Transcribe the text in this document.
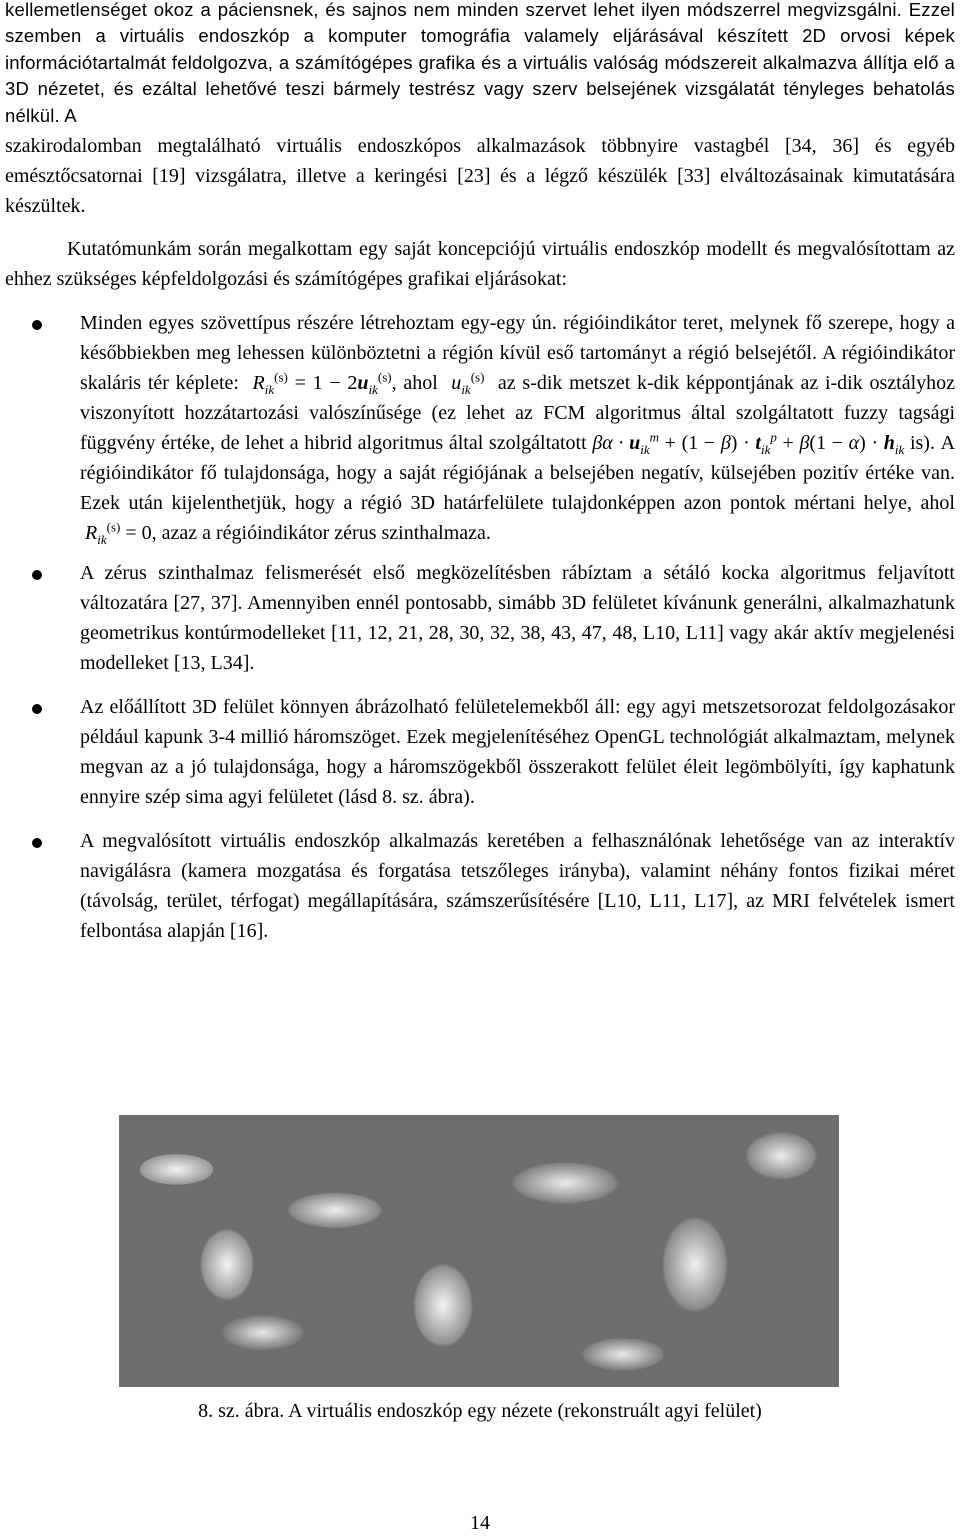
kellemetlenséget okoz a páciensnek, és sajnos nem minden szervet lehet ilyen módszerrel megvizsgálni. Ezzel szemben a virtuális endoszkóp a komputer tomográfia valamely eljárásával készített 2D orvosi képek információtartalmát feldolgozva, a számítógépes grafika és a virtuális valóság módszereit alkalmazva állítja elő a 3D nézetet, és ezáltal lehetővé teszi bármely testrész vagy szerv belsejének vizsgálatát tényleges behatolás nélkül. A

szakirodalomban megtalálható virtuális endoszkópos alkalmazások többnyire vastagbél [34, 36] és egyéb emésztőcsatornai [19] vizsgálatra, illetve a keringési [23] és a légző készülék [33] elváltozásainak kimutatására készültek.

Kutatómunkám során megalkottam egy saját koncepciójú virtuális endoszkóp modellt és megvalósítottam az ehhez szükséges képfeldolgozási és számítógépes grafikai eljárásokat:

Minden egyes szövettípus részére létrehoztam egy-egy ún. régióindikátor teret, melynek fő szerepe, hogy a későbbiekben meg lehessen különböztetni a régión kívül eső tartományt a régió belsejétől. A régióindikátor skaláris tér képlete:  $R_{ik}^{(s)} = 1 - 2u_{ik}^{(s)}$, ahol  $u_{ik}^{(s)}$ az s-dik metszet k-dik képpontjának az i-dik osztályhoz viszonyított hozzátartozási valószínűsége (ez lehet az FCM algoritmus által szolgáltatott fuzzy tagsági függvény értéke, de lehet a hibrid algoritmus által szolgáltatott $\beta\alpha \cdot u_{ik}^m + (1 - \beta) \cdot t_{ik}^p + \beta(1 - \alpha) \cdot h_{ik}$ is). A régióindikátor fő tulajdonsága, hogy a saját régiójának a belsejében negatív, külsejében pozitív értéke van. Ezek után kijelenthetjük, hogy a régió 3D határfelülete tulajdonképpen azon pontok mértani helye, ahol  $R_{ik}^{(s)} = 0$, azaz a régióindikátor zérus szinthalmaza.
A zérus szinthalmaz felismerését első megközelítésben rábíztam a sétáló kocka algoritmus feljavított változatára [27, 37]. Amennyiben ennél pontosabb, simább 3D felületet kívánunk generálni, alkalmazhatunk geometrikus kontúrmodelleket [11, 12, 21, 28, 30, 32, 38, 43, 47, 48, L10, L11] vagy akár aktív megjelenési modelleket [13, L34].
Az előállított 3D felület könnyen ábrázolható felületelemekből áll: egy agyi metszetsorozat feldolgozásakor például kapunk 3-4 millió háromszöget. Ezek megjelenítéséhez OpenGL technológiát alkalmaztam, melynek megvan az a jó tulajdonsága, hogy a háromszögekből összerakott felület éleit legömbölyíti, így kaphatunk ennyire szép sima agyi felületet (lásd 8. sz. ábra).
A megvalósított virtuális endoszkóp alkalmazás keretében a felhasználónak lehetősége van az interaktív navigálásra (kamera mozgatása és forgatása tetszőleges irányba), valamint néhány fontos fizikai méret (távolság, terület, térfogat) megállapítására, számszerűsítésére [L10, L11, L17], az MRI felvételek ismert felbontása alapján [16].
8. sz. ábra. A virtuális endoszkóp egy nézete (rekonstruált agyi felület)
14
